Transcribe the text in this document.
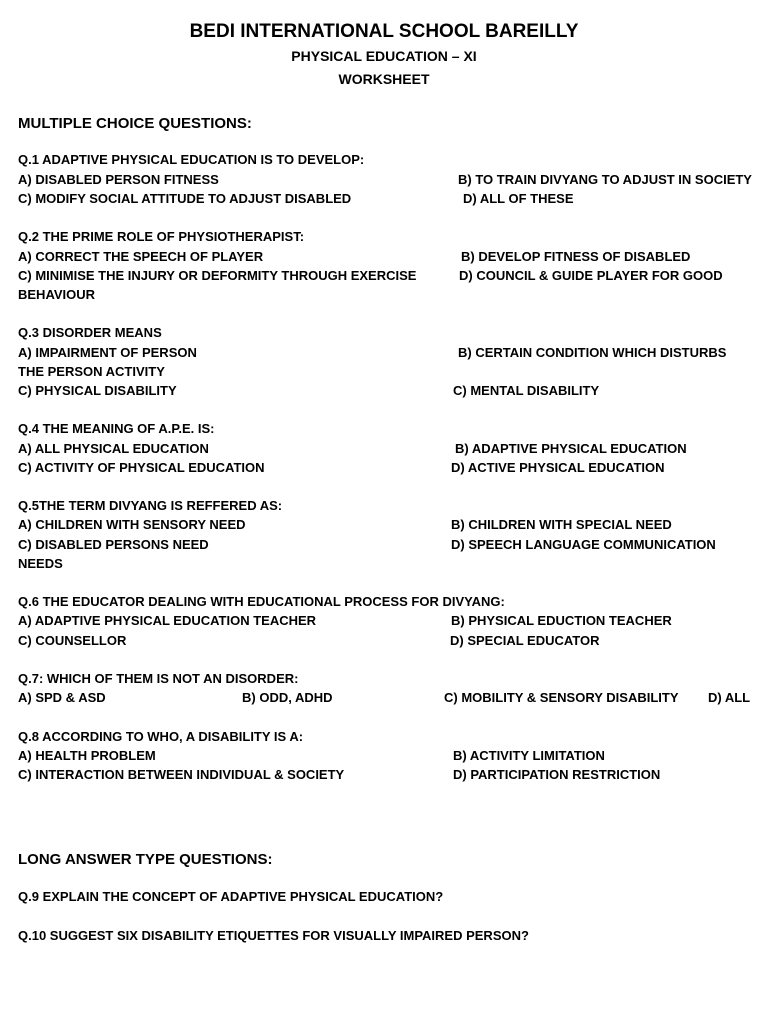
BEDI INTERNATIONAL SCHOOL BAREILLY
PHYSICAL EDUCATION – XI
WORKSHEET
MULTIPLE CHOICE QUESTIONS:
Q.1 ADAPTIVE PHYSICAL EDUCATION IS TO DEVELOP:
A) DISABLED PERSON FITNESS	B) TO TRAIN DIVYANG TO ADJUST IN SOCIETY
C) MODIFY SOCIAL ATTITUDE TO ADJUST DISABLED	D) ALL OF THESE
Q.2 THE PRIME ROLE OF PHYSIOTHERAPIST:
A) CORRECT THE SPEECH OF PLAYER	B) DEVELOP FITNESS OF DISABLED
C) MINIMISE THE INJURY OR DEFORMITY THROUGH EXERCISE	D) COUNCIL & GUIDE PLAYER FOR GOOD
BEHAVIOUR
Q.3 DISORDER MEANS
A) IMPAIRMENT OF PERSON	B) CERTAIN CONDITION WHICH DISTURBS
THE PERSON ACTIVITY
C) PHYSICAL DISABILITY	C) MENTAL DISABILITY
Q.4 THE MEANING OF A.P.E. IS:
A) ALL PHYSICAL EDUCATION	B) ADAPTIVE PHYSICAL EDUCATION
C) ACTIVITY OF PHYSICAL EDUCATION	D) ACTIVE PHYSICAL EDUCATION
Q.5THE TERM DIVYANG IS REFFERED AS:
A) CHILDREN WITH SENSORY NEED	B) CHILDREN WITH SPECIAL NEED
C) DISABLED PERSONS NEED	D) SPEECH LANGUAGE COMMUNICATION
NEEDS
Q.6 THE EDUCATOR DEALING WITH EDUCATIONAL PROCESS FOR DIVYANG:
A) ADAPTIVE PHYSICAL EDUCATION TEACHER	B) PHYSICAL EDUCTION TEACHER
C) COUNSELLOR	D) SPECIAL EDUCATOR
Q.7: WHICH OF THEM IS NOT AN DISORDER:
A) SPD & ASD	B) ODD, ADHD	C) MOBILITY & SENSORY DISABILITY D) ALL
Q.8 ACCORDING TO WHO, A DISABILITY IS A:
A) HEALTH PROBLEM	B) ACTIVITY LIMITATION
C) INTERACTION BETWEEN INDIVIDUAL & SOCIETY	D) PARTICIPATION RESTRICTION
LONG ANSWER TYPE QUESTIONS:
Q.9 EXPLAIN THE CONCEPT OF ADAPTIVE PHYSICAL EDUCATION?
Q.10 SUGGEST SIX DISABILITY ETIQUETTES FOR VISUALLY IMPAIRED PERSON?
